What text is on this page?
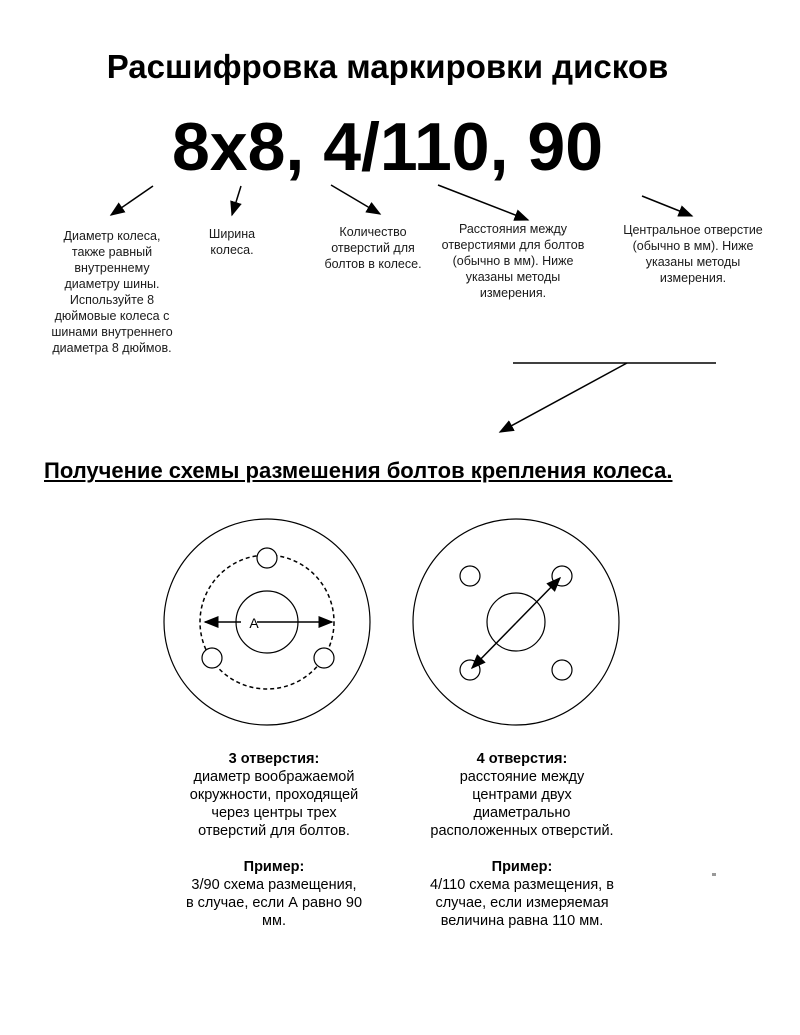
Расшифровка маркировки дисков
8x8, 4/110, 90
Диаметр колеса,
также равный
внутреннему
диаметру шины.
Используйте 8
дюймовые колеса с
шинами внутреннего
диаметра 8 дюймов.
Ширина
колеса.
Количество
отверстий для
болтов в колесе.
Расстояния между
отверстиями для болтов
(обычно в мм). Ниже
указаны методы
измерения.
Центральное отверстие
(обычно в мм). Ниже
указаны методы
измерения.
Получение схемы размешения болтов крепления колеса.
A
3 отверстия:
диаметр воображаемой
окружности, проходящей
через центры трех
отверстий для болтов.
Пример:
3/90 схема размещения,
в случае, если А равно 90
мм.
4 отверстия:
расстояние между
центрами двух
диаметрально
расположенных отверстий.
Пример:
4/110 схема размещения, в
случае, если измеряемая
величина равна 110 мм.
